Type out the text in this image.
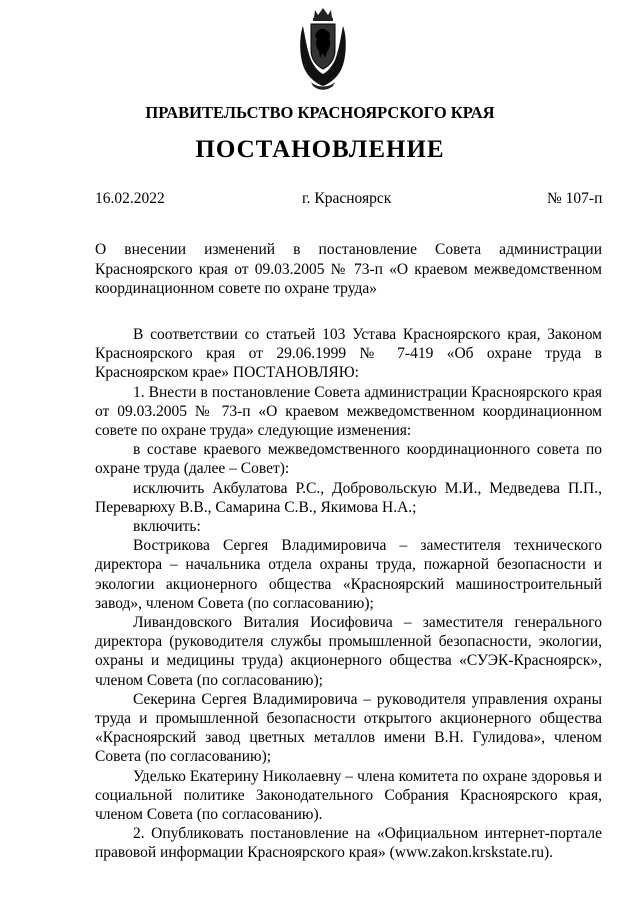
ПРАВИТЕЛЬСТВО КРАСНОЯРСКОГО КРАЯ
ПОСТАНОВЛЕНИЕ
16.02.2022	г. Красноярск	№ 107-п

О внесении изменений в постановление Совета администрации Красноярского края от 09.03.2005 № 73-п «О краевом межведомственном координационном совете по охране труда»

В соответствии со статьей 103 Устава Красноярского края, Законом Красноярского края от 29.06.1999 № 7-419 «Об охране труда в Красноярском крае» ПОСТАНОВЛЯЮ:

1. Внести в постановление Совета администрации Красноярского края от 09.03.2005 № 73-п «О краевом межведомственном координационном совете по охране труда» следующие изменения:

в составе краевого межведомственного координационного совета по охране труда (далее – Совет):

исключить Акбулатова Р.С., Добровольскую М.И., Медведева П.П., Переварюху В.В., Самарина С.В., Якимова Н.А.;

включить:

Вострикова Сергея Владимировича – заместителя технического директора – начальника отдела охраны труда, пожарной безопасности и экологии акционерного общества «Красноярский машиностроительный завод», членом Совета (по согласованию);

Ливандовского Виталия Иосифовича – заместителя генерального директора (руководителя службы промышленной безопасности, экологии, охраны и медицины труда) акционерного общества «СУЭК-Красноярск», членом Совета (по согласованию);

Секерина Сергея Владимировича – руководителя управления охраны труда и промышленной безопасности открытого акционерного общества «Красноярский завод цветных металлов имени В.Н. Гулидова», членом Совета (по согласованию);

Уделько Екатерину Николаевну – члена комитета по охране здоровья и социальной политике Законодательного Собрания Красноярского края, членом Совета (по согласованию).

2. Опубликовать постановление на «Официальном интернет-портале правовой информации Красноярского края» (www.zakon.krskstate.ru).
